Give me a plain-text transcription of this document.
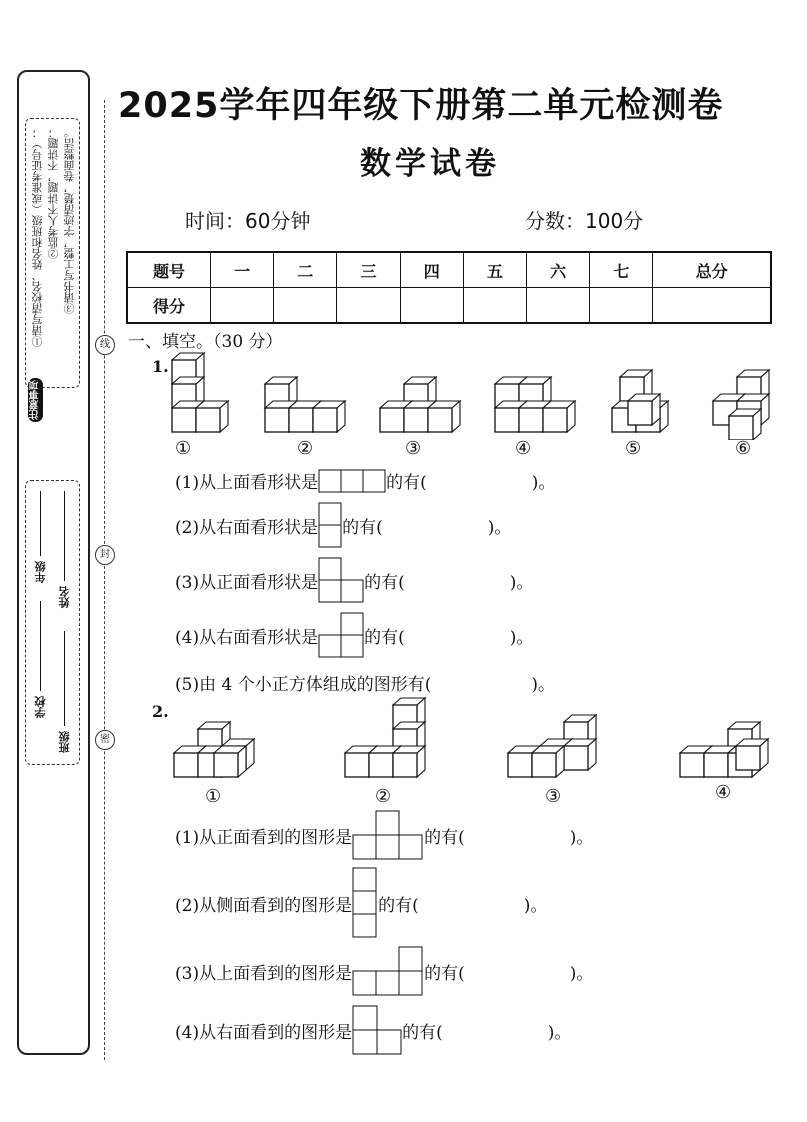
①请写清校名、姓名和班级（或准考证号）； ②监考人不讲题，不讲题； ③请书写工整，字迹清楚，卷面整洁。
注意事项
学校
年级
班级
姓名
线
封
密
2025学年四年级下册第二单元检测卷
数学试卷
时间：60分钟	分数：100分
题号	一	二	三	四	五	六	七	总分
得分								
一、填空。（30 分）
1.
①	②	③	④	⑤	⑥
(1)从上面看形状是	的有(	)。
(2)从右面看形状是 的有(	)。
(3)从正面看形状是	的有(	)。
(4)从右面看形状是	的有(	)。
(5)由 4 个小正方体组成的图形有(	)。
2.
①	②	③	④
(1)从正面看到的图形是	的有(	)。
(2)从侧面看到的图形是 的有(	)。
(3)从上面看到的图形是	的有(	)。
(4)从右面看到的图形是	的有(	)。
